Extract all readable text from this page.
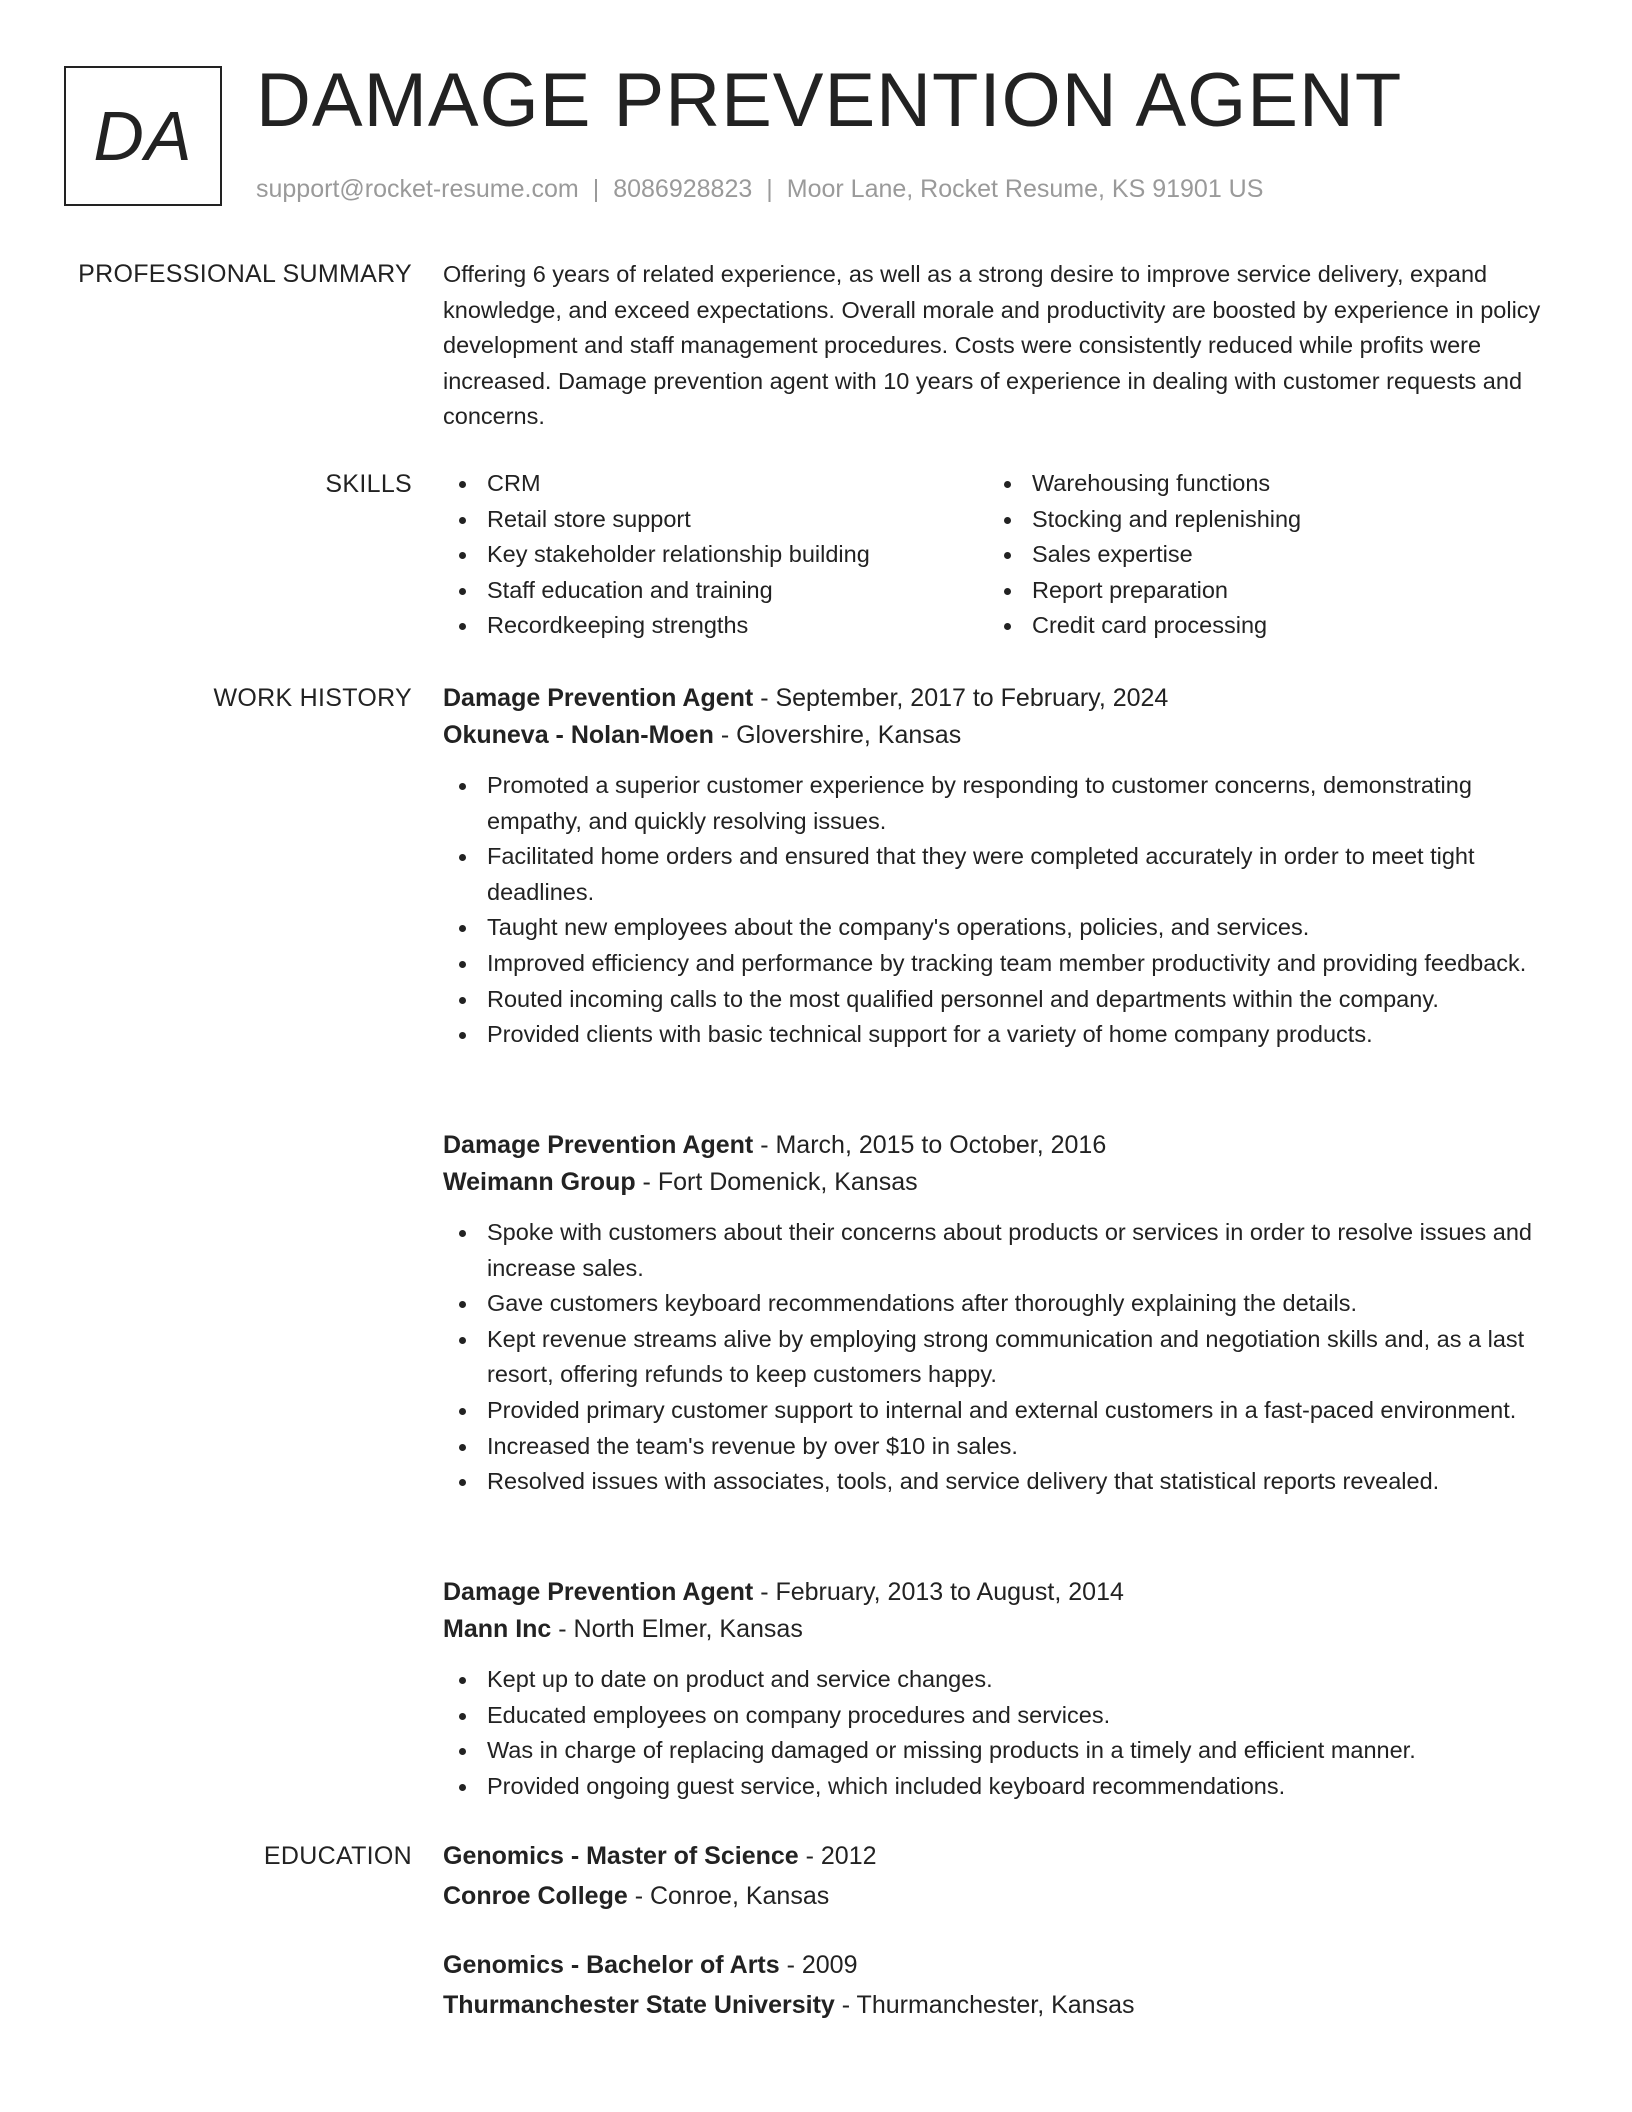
DA DAMAGE PREVENTION AGENT
support@rocket-resume.com | 8086928823 | Moor Lane, Rocket Resume, KS 91901 US
PROFESSIONAL SUMMARY Offering 6 years of related experience, as well as a strong desire to improve service delivery, expand knowledge, and exceed expectations. Overall morale and productivity are boosted by experience in policy development and staff management procedures. Costs were consistently reduced while profits were increased. Damage prevention agent with 10 years of experience in dealing with customer requests and concerns.

SKILLS	CRM
Retail store support
Key stakeholder relationship building
Staff education and training
Recordkeeping strengths
Warehousing functions
Stocking and replenishing
Sales expertise
Report preparation
Credit card processing
WORK HISTORY Damage Prevention Agent - September, 2017 to February, 2024
Okuneva - Nolan-Moen - Glovershire, Kansas
Promoted a superior customer experience by responding to customer concerns, demonstrating empathy, and quickly resolving issues.
Facilitated home orders and ensured that they were completed accurately in order to meet tight deadlines.
Taught new employees about the company's operations, policies, and services.
Improved efficiency and performance by tracking team member productivity and providing feedback.
Routed incoming calls to the most qualified personnel and departments within the company.
Provided clients with basic technical support for a variety of home company products.
Damage Prevention Agent - March, 2015 to October, 2016
Weimann Group - Fort Domenick, Kansas
Spoke with customers about their concerns about products or services in order to resolve issues and increase sales.
Gave customers keyboard recommendations after thoroughly explaining the details.
Kept revenue streams alive by employing strong communication and negotiation skills and, as a last resort, offering refunds to keep customers happy.
Provided primary customer support to internal and external customers in a fast-paced environment.
Increased the team's revenue by over $10 in sales.
Resolved issues with associates, tools, and service delivery that statistical reports revealed.
Damage Prevention Agent - February, 2013 to August, 2014
Mann Inc - North Elmer, Kansas
Kept up to date on product and service changes.
Educated employees on company procedures and services.
Was in charge of replacing damaged or missing products in a timely and efficient manner.
Provided ongoing guest service, which included keyboard recommendations.
EDUCATION Genomics - Master of Science - 2012
Conroe College - Conroe, Kansas
Genomics - Bachelor of Arts - 2009
Thurmanchester State University - Thurmanchester, Kansas
